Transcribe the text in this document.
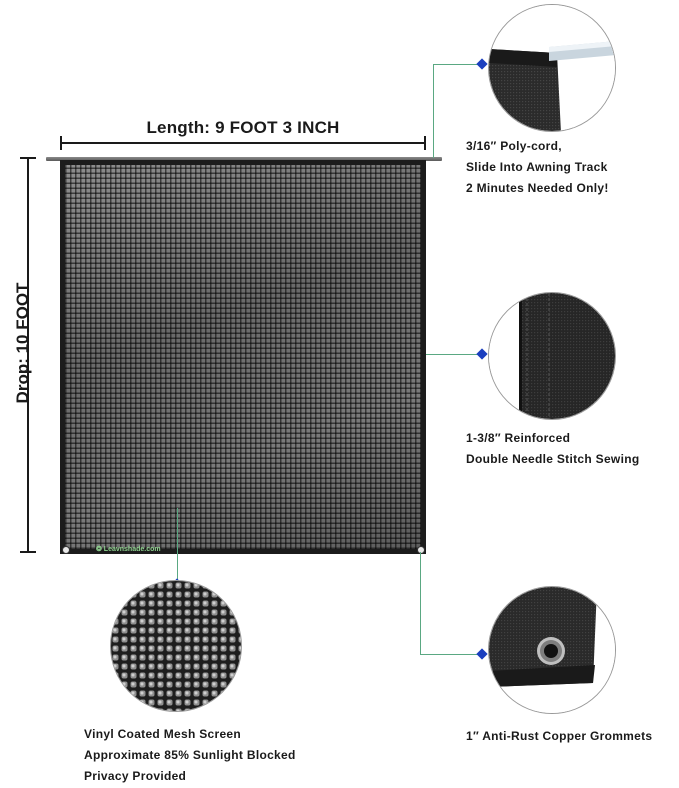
Length: 9 FOOT 3 INCH
Drop: 10 FOOT
❂ Leavnshade.com
3/16″ Poly-cord,
Slide Into Awning Track
2 Minutes Needed Only!
1-3/8″ Reinforced
Double Needle Stitch Sewing
Vinyl Coated Mesh Screen
Approximate 85% Sunlight Blocked
Privacy Provided
1″ Anti-Rust Copper Grommets
